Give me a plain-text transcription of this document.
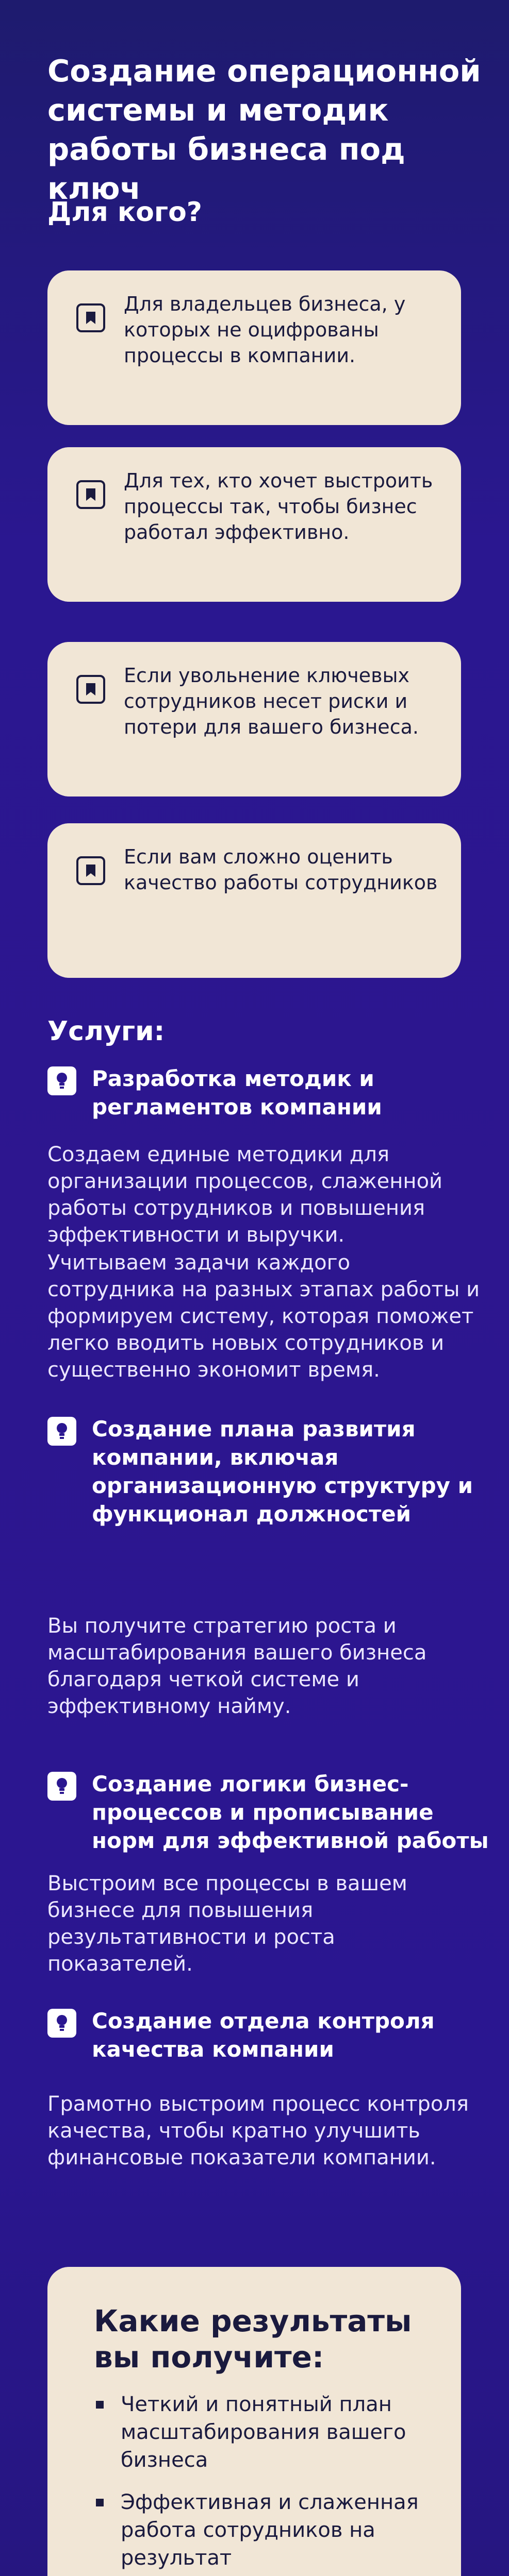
Создание операционной системы и методик работы бизнеса под ключ
Для кого?
Для владельцев бизнеса, у которых не оцифрованы процессы в компании.
Для тех, кто хочет выстроить процессы так, чтобы бизнес работал эффективно.
Если увольнение ключевых сотрудников несет риски и потери для вашего бизнеса.
Если вам сложно оценить качество работы сотрудников
Услуги:
Разработка методик и регламентов компании
Создаем единые методики для организации процессов, слаженной работы сотрудников и повышения эффективности и выручки.
Учитываем задачи каждого сотрудника на разных этапах работы и формируем систему, которая поможет легко вводить новых сотрудников и существенно экономит время.
Создание плана развития компании, включая организационную структуру и функционал должностей
Вы получите стратегию роста и масштабирования вашего бизнеса благодаря четкой системе и эффективному найму.
Создание логики бизнес-процессов и прописывание норм для эффективной работы
Выстроим все процессы в вашем бизнесе для повышения результативности и роста показателей.
Создание отдела контроля качества компании
Грамотно выстроим процесс контроля качества, чтобы кратно улучшить финансовые показатели компании.
Какие результаты
вы получите:
Четкий и понятный план масштабирования вашего бизнеса
Эффективная и слаженная работа сотрудников на результат
